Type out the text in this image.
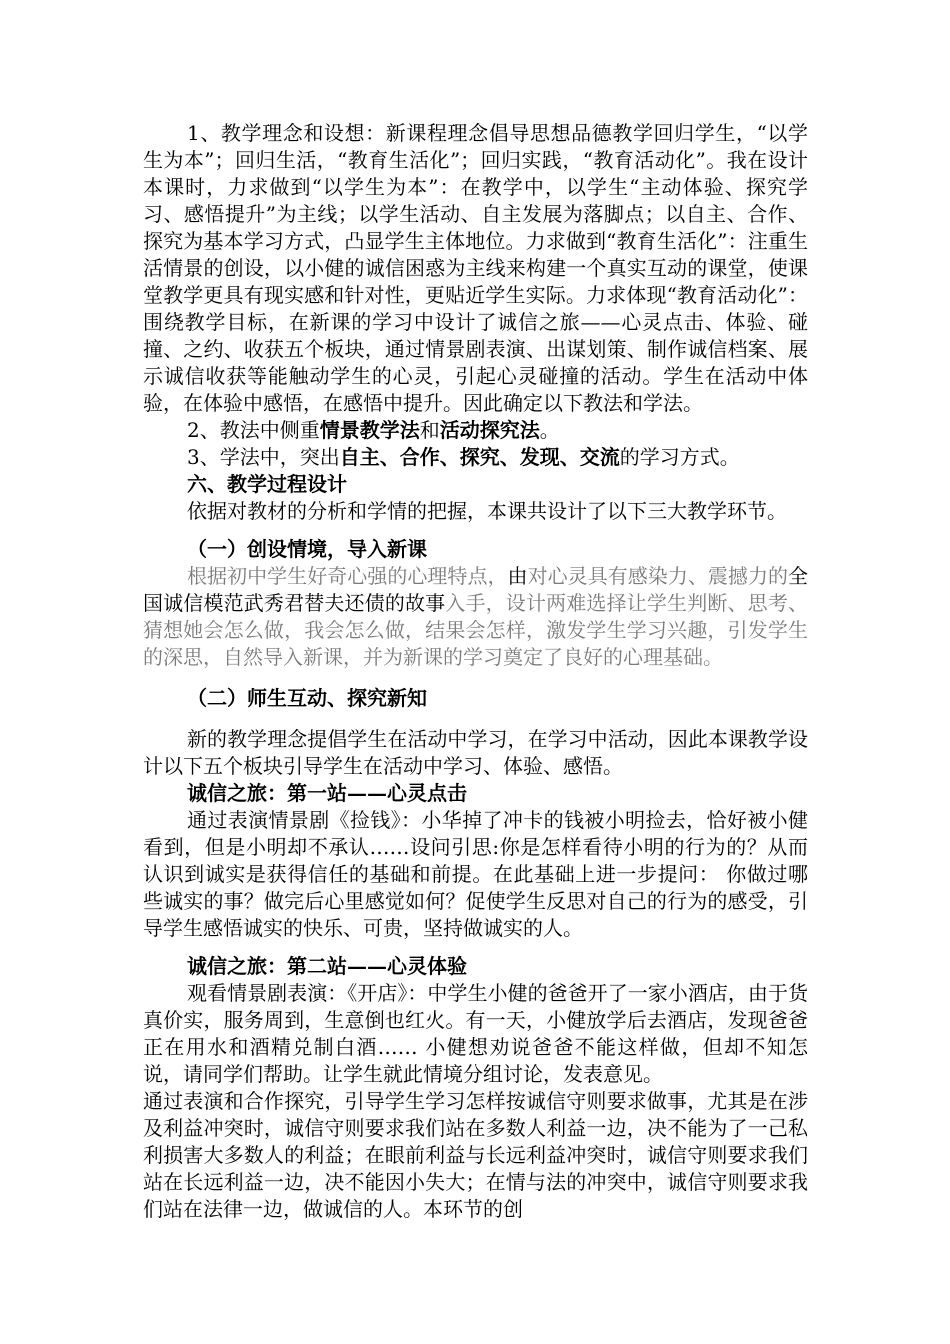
1、教学理念和设想：新课程理念倡导思想品德教学回归学生，“以学生为本”；回归生活，“教育生活化”；回归实践，“教育活动化”。我在设计本课时，力求做到“以学生为本”：在教学中，以学生“主动体验、探究学习、感悟提升”为主线；以学生活动、自主发展为落脚点；以自主、合作、探究为基本学习方式，凸显学生主体地位。力求做到“教育生活化”：注重生活情景的创设，以小健的诚信困惑为主线来构建一个真实互动的课堂，使课堂教学更具有现实感和针对性，更贴近学生实际。力求体现“教育活动化”：围绕教学目标，在新课的学习中设计了诚信之旅——心灵点击、体验、碰撞、之约、收获五个板块，通过情景剧表演、出谋划策、制作诚信档案、展示诚信收获等能触动学生的心灵，引起心灵碰撞的活动。学生在活动中体验，在体验中感悟，在感悟中提升。因此确定以下教法和学法。

2、教法中侧重情景教学法和活动探究法。

3、学法中，突出自主、合作、探究、发现、交流的学习方式。

六、教学过程设计

依据对教材的分析和学情的把握，本课共设计了以下三大教学环节。

（一）创设情境，导入新课

根据初中学生好奇心强的心理特点，由对心灵具有感染力、震撼力的全国诚信模范武秀君替夫还债的故事入手，设计两难选择让学生判断、思考、猜想她会怎么做，我会怎么做，结果会怎样，激发学生学习兴趣，引发学生的深思，自然导入新课，并为新课的学习奠定了良好的心理基础。

（二）师生互动、探究新知

新的教学理念提倡学生在活动中学习，在学习中活动，因此本课教学设计以下五个板块引导学生在活动中学习、体验、感悟。

诚信之旅：第一站——心灵点击

通过表演情景剧《捡钱》：小华掉了冲卡的钱被小明捡去，恰好被小健看到，但是小明却不承认……设问引思:你是怎样看待小明的行为的？从而认识到诚实是获得信任的基础和前提。在此基础上进一步提问： 你做过哪些诚实的事？做完后心里感觉如何？促使学生反思对自己的行为的感受，引导学生感悟诚实的快乐、可贵，坚持做诚实的人。

诚信之旅：第二站——心灵体验

观看情景剧表演：《开店》：中学生小健的爸爸开了一家小酒店，由于货真价实，服务周到，生意倒也红火。有一天，小健放学后去酒店，发现爸爸正在用水和酒精兑制白酒…… 小健想劝说爸爸不能这样做，但却不知怎说，请同学们帮助。让学生就此情境分组讨论，发表意见。

通过表演和合作探究，引导学生学习怎样按诚信守则要求做事，尤其是在涉及利益冲突时，诚信守则要求我们站在多数人利益一边，决不能为了一己私利损害大多数人的利益；在眼前利益与长远利益冲突时，诚信守则要求我们站在长远利益一边，决不能因小失大；在情与法的冲突中，诚信守则要求我们站在法律一边，做诚信的人。本环节的创
